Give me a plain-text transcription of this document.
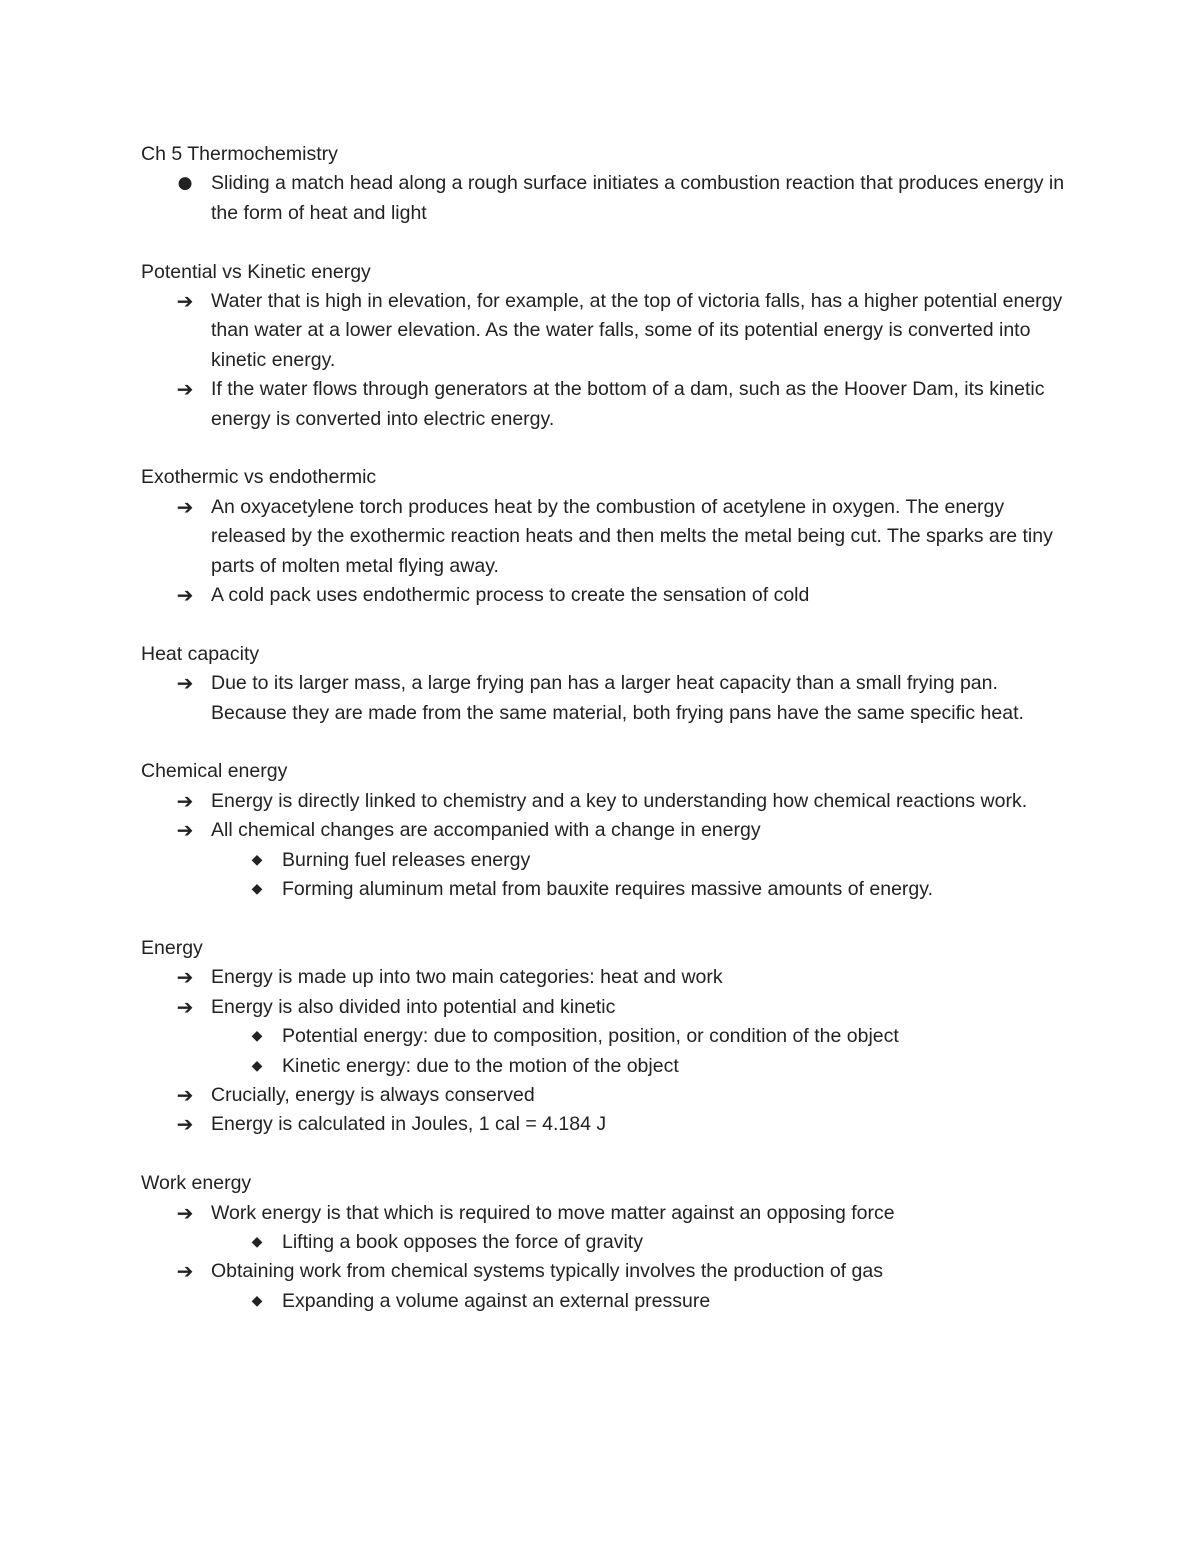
Ch 5 Thermochemistry

● Sliding a match head along a rough surface initiates a combustion reaction that produces energy in the form of heat and light

Potential vs Kinetic energy

➔ Water that is high in elevation, for example, at the top of victoria falls, has a higher potential energy than water at a lower elevation. As the water falls, some of its potential energy is converted into kinetic energy.
➔ If the water flows through generators at the bottom of a dam, such as the Hoover Dam, its kinetic energy is converted into electric energy.

Exothermic vs endothermic

➔ An oxyacetylene torch produces heat by the combustion of acetylene in oxygen. The energy released by the exothermic reaction heats and then melts the metal being cut. The sparks are tiny parts of molten metal flying away.
➔ A cold pack uses endothermic process to create the sensation of cold

Heat capacity

➔ Due to its larger mass, a large frying pan has a larger heat capacity than a small frying pan. Because they are made from the same material, both frying pans have the same specific heat.

Chemical energy

➔ Energy is directly linked to chemistry and a key to understanding how chemical reactions work.
➔ All chemical changes are accompanied with a change in energy
◆ Burning fuel releases energy
◆ Forming aluminum metal from bauxite requires massive amounts of energy.

Energy

➔ Energy is made up into two main categories: heat and work
➔ Energy is also divided into potential and kinetic
◆ Potential energy: due to composition, position, or condition of the object
◆ Kinetic energy: due to the motion of the object
➔ Crucially, energy is always conserved
➔ Energy is calculated in Joules, 1 cal = 4.184 J

Work energy

➔ Work energy is that which is required to move matter against an opposing force
◆ Lifting a book opposes the force of gravity
➔ Obtaining work from chemical systems typically involves the production of gas
◆ Expanding a volume against an external pressure
